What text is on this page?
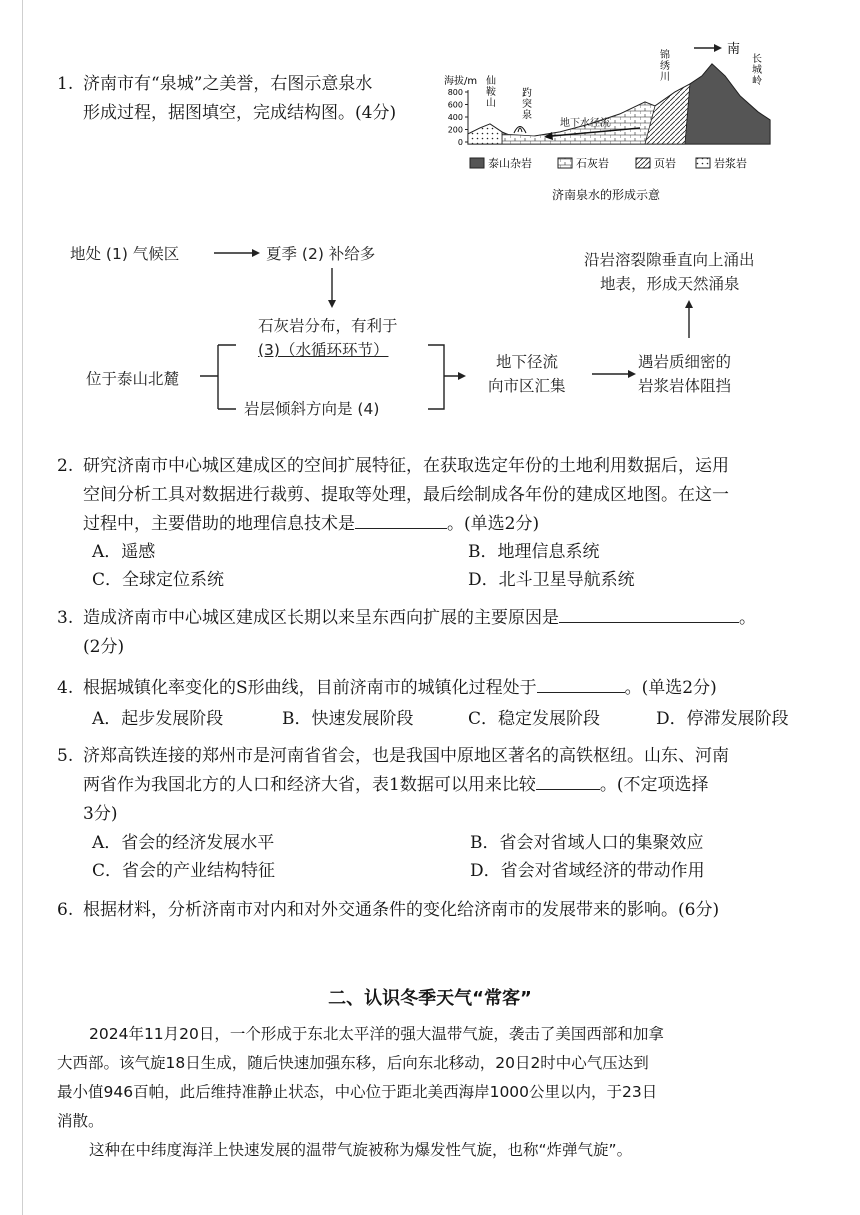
1. 济南市有“泉城”之美誉，右图示意泉水
形成过程，据图填空，完成结构图。(4分)
南
海拔/m
800
600
400
200
0
地下水径流
仙鞍山
趵突泉
锦绣川
长城岭
泰山杂岩	石灰岩	页岩	岩浆岩
济南泉水的形成示意
地处 (1) 气候区	夏季 (2) 补给多
石灰岩分布，有利于
(3)（水循环环节）
位于泰山北麓
岩层倾斜方向是 (4)
地下径流
向市区汇集
遇岩质细密的
岩浆岩体阻挡
沿岩溶裂隙垂直向上涌出
地表，形成天然涌泉
2. 研究济南市中心城区建成区的空间扩展特征，在获取选定年份的土地利用数据后，运用
空间分析工具对数据进行裁剪、提取等处理，最后绘制成各年份的建成区地图。在这一
过程中，主要借助的地理信息技术是	。(单选2分)
A．遥感	B．地理信息系统
C．全球定位系统	D．北斗卫星导航系统
3. 造成济南市中心城区建成区长期以来呈东西向扩展的主要原因是	。
(2分)
4. 根据城镇化率变化的S形曲线，目前济南市的城镇化过程处于	。(单选2分)
A．起步发展阶段	B．快速发展阶段	C．稳定发展阶段	D．停滞发展阶段
5. 济郑高铁连接的郑州市是河南省省会，也是我国中原地区著名的高铁枢纽。山东、河南
两省作为我国北方的人口和经济大省，表1数据可以用来比较	。(不定项选择
3分)
A．省会的经济发展水平	B．省会对省域人口的集聚效应
C．省会的产业结构特征	D．省会对省域经济的带动作用
6. 根据材料，分析济南市对内和对外交通条件的变化给济南市的发展带来的影响。(6分)
二、认识冬季天气“常客”
2024年11月20日，一个形成于东北太平洋的强大温带气旋，袭击了美国西部和加拿
大西部。该气旋18日生成，随后快速加强东移，后向东北移动，20日2时中心气压达到
最小值946百帕，此后维持准静止状态，中心位于距北美西海岸1000公里以内，于23日
消散。
这种在中纬度海洋上快速发展的温带气旋被称为爆发性气旋，也称“炸弹气旋”。
